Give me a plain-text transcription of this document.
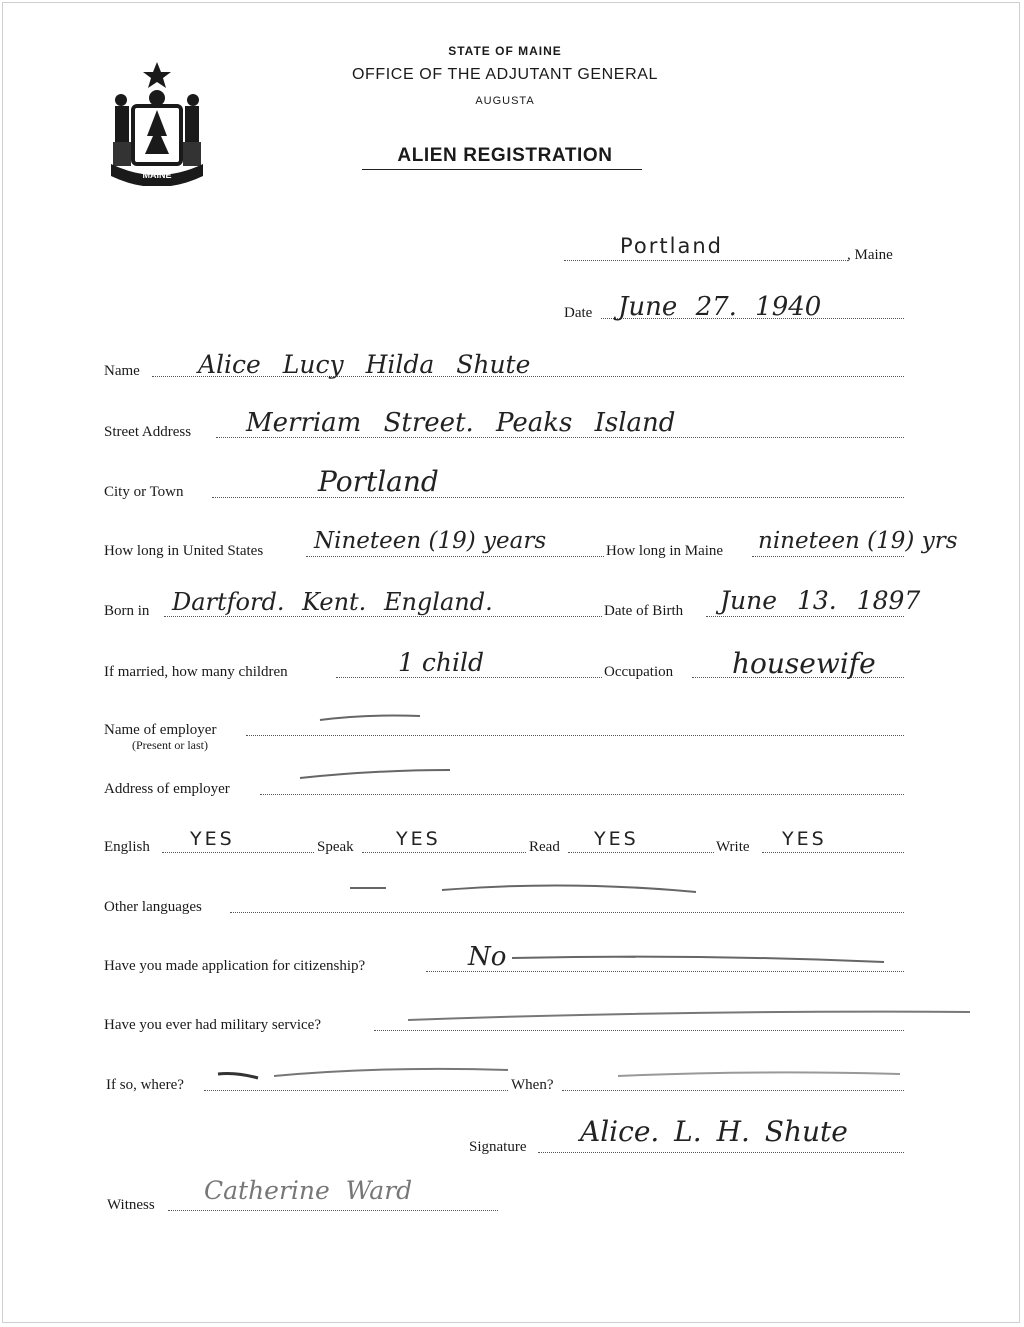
MAINE
STATE OF MAINE
OFFICE OF THE ADJUTANT GENERAL
AUGUSTA
ALIEN REGISTRATION
Portland	, Maine
Date June 27. 1940
Name Alice Lucy Hilda Shute
Street Address Merriam Street. Peaks Island
City or Town	Portland
How long in United States Nineteen (19) years	How long in Maine nineteen (19) yrs
Born in Dartford. Kent. England.	Date of Birth June 13. 1897
If married, how many children	1 child	Occupation housewife
Name of employer
(Present or last)
Address of employer
English YES	Speak YES	Read YES	Write YES
Other languages
Have you made application for citizenship?	No
Have you ever had military service?
If so, where?	When?
Signature Alice. L. H. Shute
Witness Catherine Ward
